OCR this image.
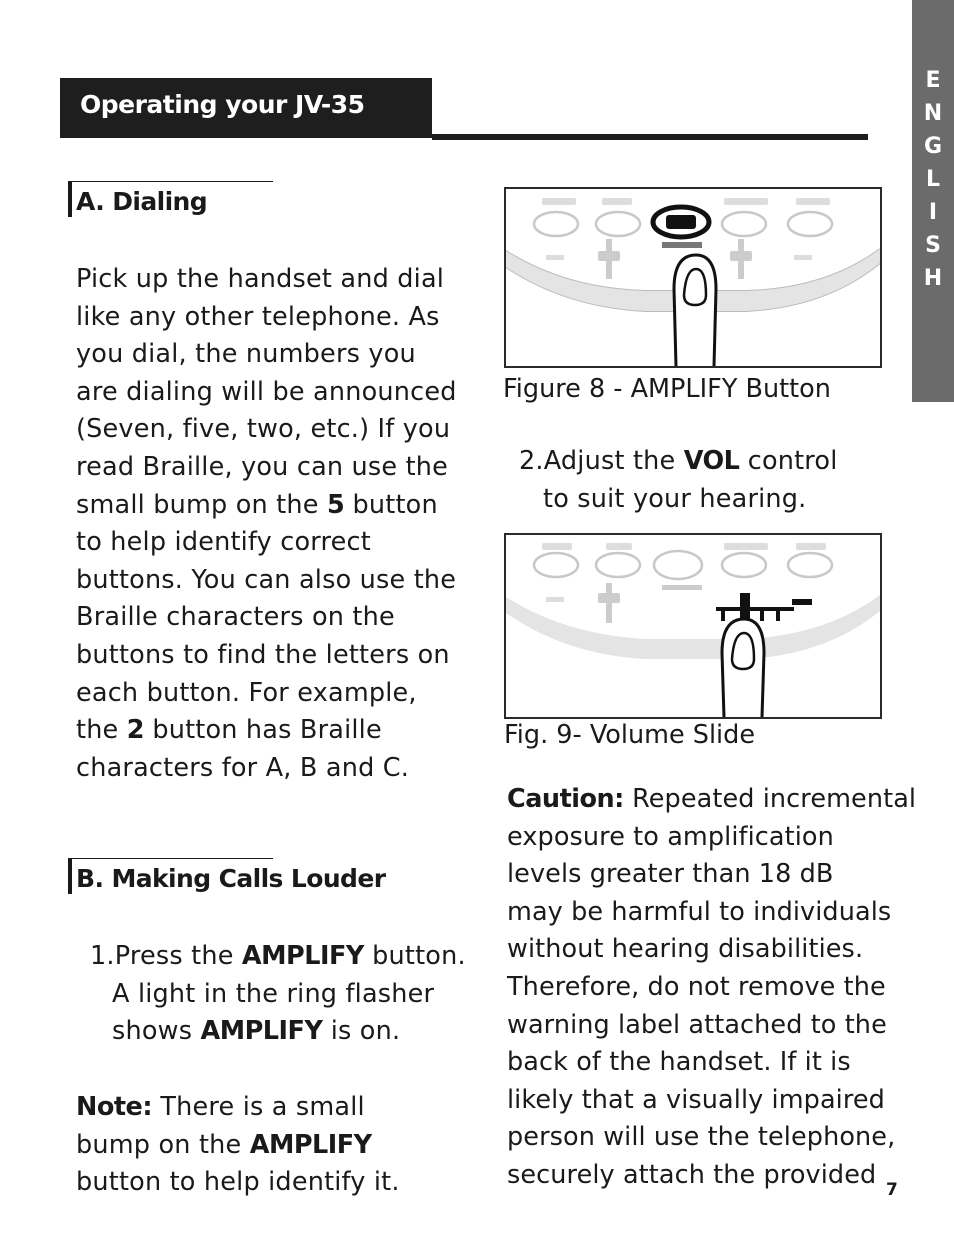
E
N
G
L
I
S
H
Operating your JV-35
A. Dialing
Pick up the handset and dial
like any other telephone. As
you dial, the numbers you
are dialing will be announced
(Seven, five, two, etc.) If you
read Braille, you can use the
small bump on the 5 button
to help identify correct
buttons. You can also use the
Braille characters on the
buttons to find the letters on
each button. For example,
the 2 button has Braille
characters for A, B and C.
B. Making Calls Louder
1.Press the AMPLIFY button.
A light in the ring flasher
shows AMPLIFY is on.
Note: There is a small
bump on the AMPLIFY
button to help identify it.
Figure 8 - AMPLIFY Button
2.Adjust the VOL control
to suit your hearing.
Fig. 9- Volume Slide
Caution: Repeated incremental
exposure to amplification
levels greater than 18 dB
may be harmful to individuals
without hearing disabilities.
Therefore, do not remove the
warning label attached to the
back of the handset. If it is
likely that a visually impaired
person will use the telephone,
securely attach the provided
7
